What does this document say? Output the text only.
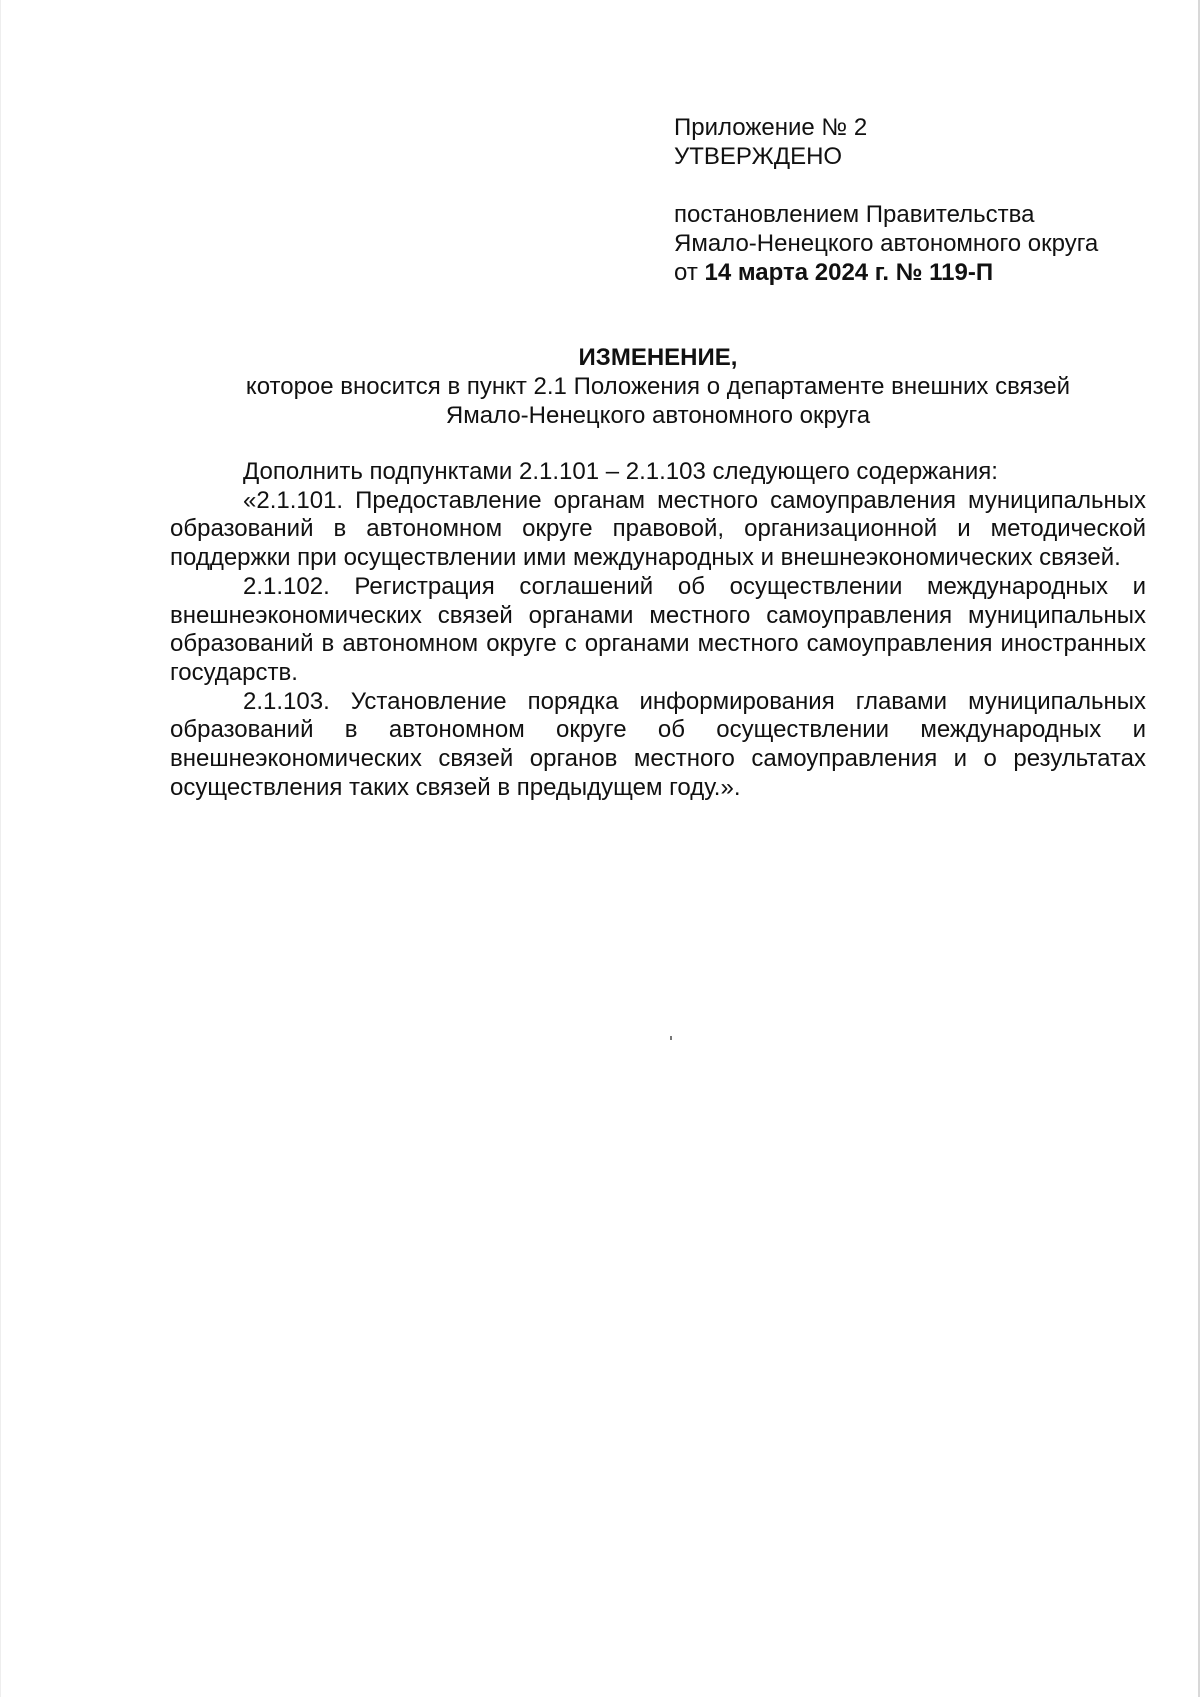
Приложение № 2
УТВЕРЖДЕНО
постановлением Правительства
Ямало-Ненецкого автономного округа
от 14 марта 2024 г. № 119-П
ИЗМЕНЕНИЕ,
которое вносится в пункт 2.1 Положения о департаменте внешних связей
Ямало-Ненецкого автономного округа

Дополнить подпунктами 2.1.101 – 2.1.103 следующего содержания:

«2.1.101. Предоставление органам местного самоуправления муниципальных образований в автономном округе правовой, организационной и методической поддержки при осуществлении ими международных и внешнеэкономических связей.

2.1.102. Регистрация соглашений об осуществлении международных и внешнеэкономических связей органами местного самоуправления муниципальных образований в автономном округе с органами местного самоуправления иностранных государств.

2.1.103. Установление порядка информирования главами муниципальных образований в автономном округе об осуществлении международных и внешнеэкономических связей органов местного самоуправления и о результатах осуществления таких связей в предыдущем году.».
